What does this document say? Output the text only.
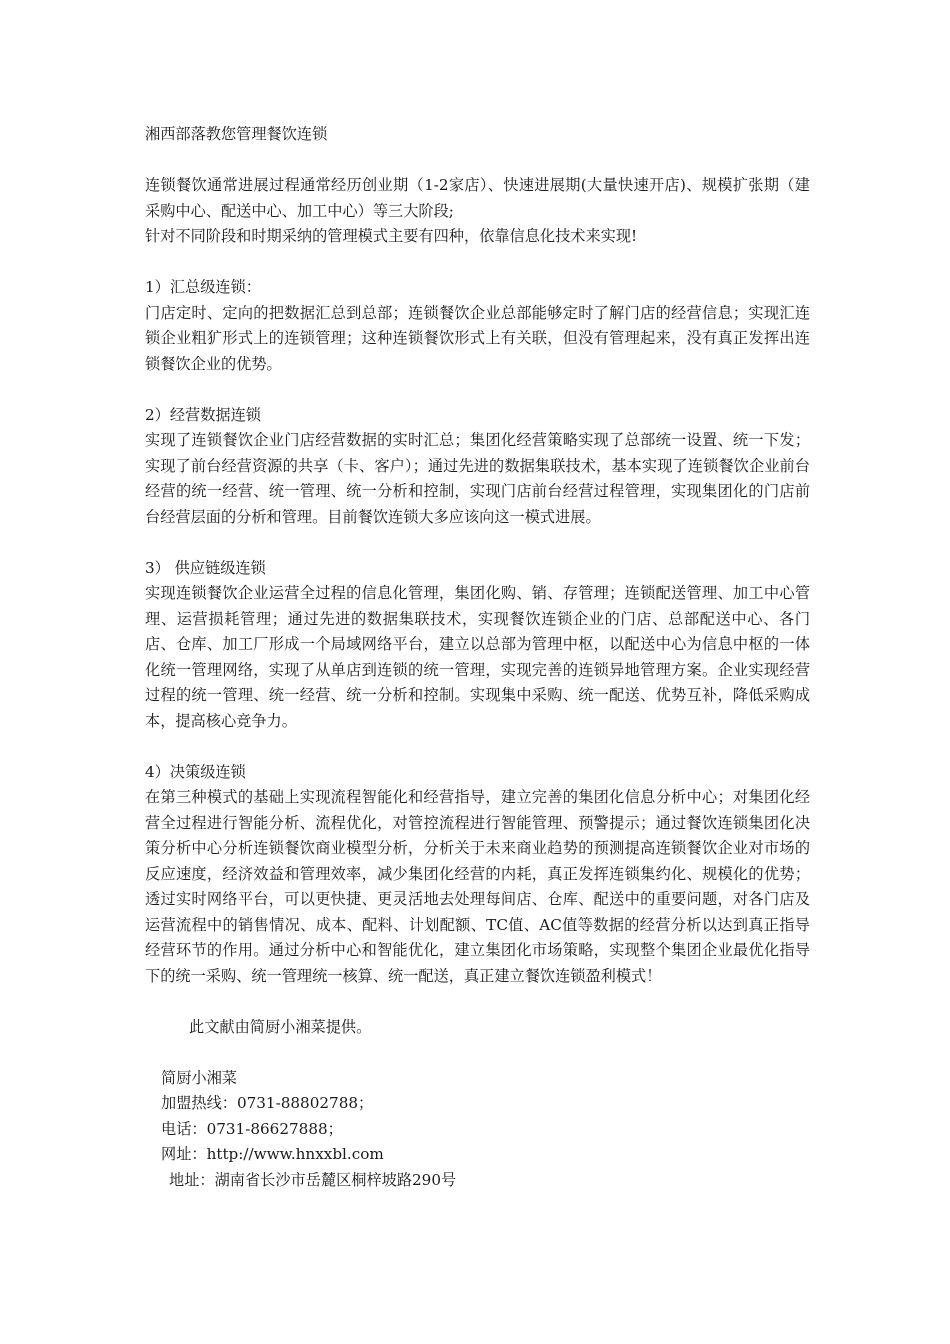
湘西部落教您管理餐饮连锁

连锁餐饮通常进展过程通常经历创业期（1-2家店）、快速进展期(大量快速开店)、规模扩张期（建采购中心、配送中心、加工中心）等三大阶段;

针对不同阶段和时期采纳的管理模式主要有四种，依靠信息化技术来实现!

1）汇总级连锁：

门店定时、定向的把数据汇总到总部；连锁餐饮企业总部能够定时了解门店的经营信息；实现汇连锁企业粗犷形式上的连锁管理；这种连锁餐饮形式上有关联，但没有管理起来，没有真正发挥出连锁餐饮企业的优势。

2）经营数据连锁

实现了连锁餐饮企业门店经营数据的实时汇总；集团化经营策略实现了总部统一设置、统一下发；实现了前台经营资源的共享（卡、客户）；通过先进的数据集联技术，基本实现了连锁餐饮企业前台经营的统一经营、统一管理、统一分析和控制，实现门店前台经营过程管理，实现集团化的门店前台经营层面的分析和管理。目前餐饮连锁大多应该向这一模式进展。

3） 供应链级连锁

实现连锁餐饮企业运营全过程的信息化管理，集团化购、销、存管理；连锁配送管理、加工中心管理、运营损耗管理；通过先进的数据集联技术，实现餐饮连锁企业的门店、总部配送中心、各门店、仓库、加工厂形成一个局域网络平台，建立以总部为管理中枢，以配送中心为信息中枢的一体化统一管理网络，实现了从单店到连锁的统一管理，实现完善的连锁异地管理方案。企业实现经营过程的统一管理、统一经营、统一分析和控制。实现集中采购、统一配送、优势互补，降低采购成本，提高核心竞争力。

4）决策级连锁

在第三种模式的基础上实现流程智能化和经营指导，建立完善的集团化信息分析中心；对集团化经营全过程进行智能分析、流程优化，对管控流程进行智能管理、预警提示；通过餐饮连锁集团化决策分析中心分析连锁餐饮商业模型分析，分析关于未来商业趋势的预测提高连锁餐饮企业对市场的反应速度，经济效益和管理效率，减少集团化经营的内耗，真正发挥连锁集约化、规模化的优势； 透过实时网络平台，可以更快捷、更灵活地去处理每间店、仓库、配送中的重要问题，对各门店及运营流程中的销售情况、成本、配料、计划配额、TC值、AC值等数据的经营分析以达到真正指导经营环节的作用。通过分析中心和智能优化，建立集团化市场策略，实现整个集团企业最优化指导下的统一采购、统一管理统一核算、统一配送，真正建立餐饮连锁盈利模式！

此文献由简厨小湘菜提供。

简厨小湘菜

加盟热线：0731-88802788；

电话：0731-86627888；

网址：http://www.hnxxbl.com

地址：湖南省长沙市岳麓区桐梓坡路290号
